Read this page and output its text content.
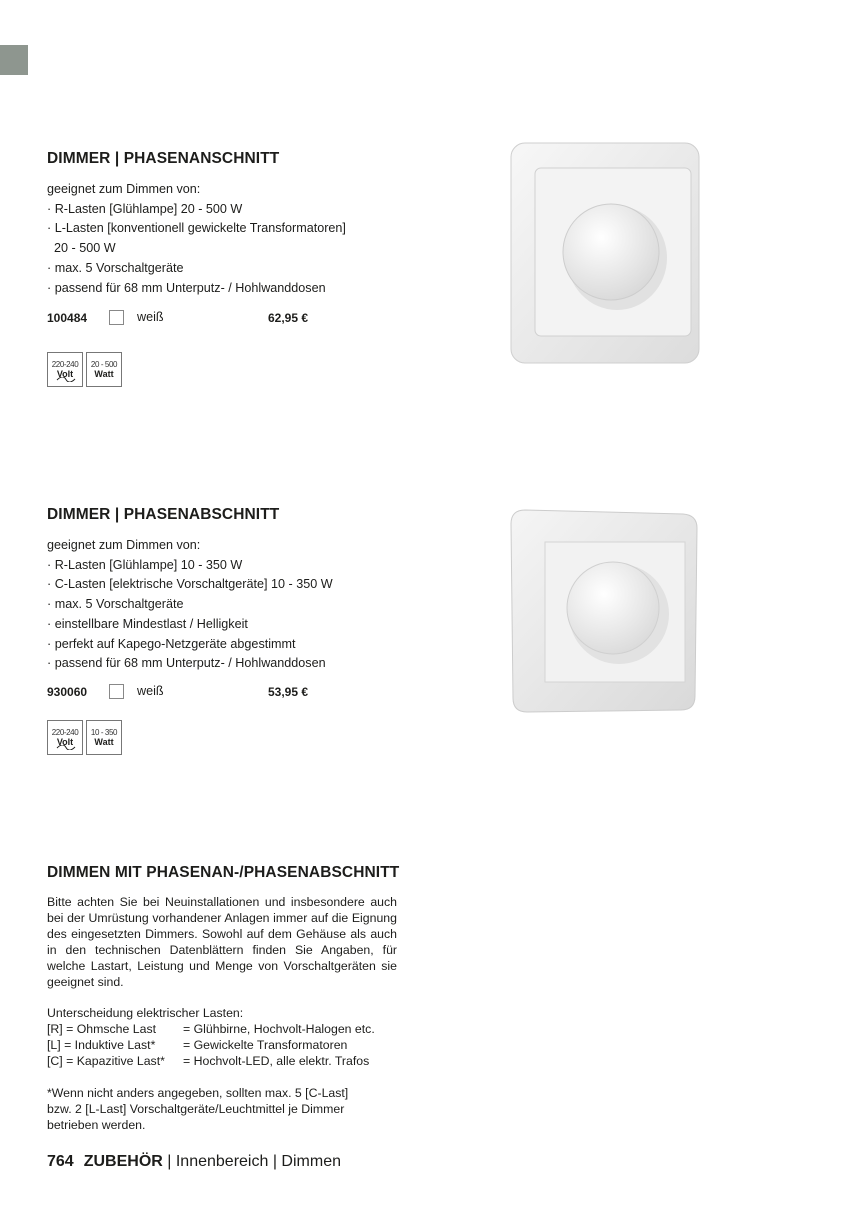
DIMMER | PHASENANSCHNITT
geeignet zum Dimmen von:
· R-Lasten [Glühlampe] 20 - 500 W
· L-Lasten [konventionell gewickelte Transformatoren]
20 - 500 W
· max. 5 Vorschaltgeräte
· passend für 68 mm Unterputz- / Hohlwanddosen
100484	weiß	62,95 €
220-240
Volt
20 - 500
Watt
DIMMER | PHASENABSCHNITT
geeignet zum Dimmen von:
· R-Lasten [Glühlampe] 10 - 350 W
· C-Lasten [elektrische Vorschaltgeräte] 10 - 350 W
· max. 5 Vorschaltgeräte
· einstellbare Mindestlast / Helligkeit
· perfekt auf Kapego-Netzgeräte abgestimmt
· passend für 68 mm Unterputz- / Hohlwanddosen
930060	weiß	53,95 €
220-240
Volt
10 - 350
Watt
DIMMEN MIT PHASENAN-/PHASENABSCHNITT
Bitte achten Sie bei Neuinstallationen und insbesondere auch bei der Umrüstung vorhandener Anlagen immer auf die Eignung des eingesetzten Dimmers. Sowohl auf dem Gehäuse als auch in den technischen Datenblättern finden Sie Angaben, für welche Lastart, Leistung und Menge von Vorschaltgeräten sie geeignet sind.
Unterscheidung elektrischer Lasten:
[R] = Ohmsche Last	= Glühbirne, Hochvolt-Halogen etc.
[L] = Induktive Last*	= Gewickelte Transformatoren
[C] = Kapazitive Last*	= Hochvolt-LED, alle elektr. Trafos
*Wenn nicht anders angegeben, sollten max. 5 [C-Last]
bzw. 2 [L-Last] Vorschaltgeräte/Leuchtmittel je Dimmer
betrieben werden.
764 ZUBEHÖR | Innenbereich | Dimmen
